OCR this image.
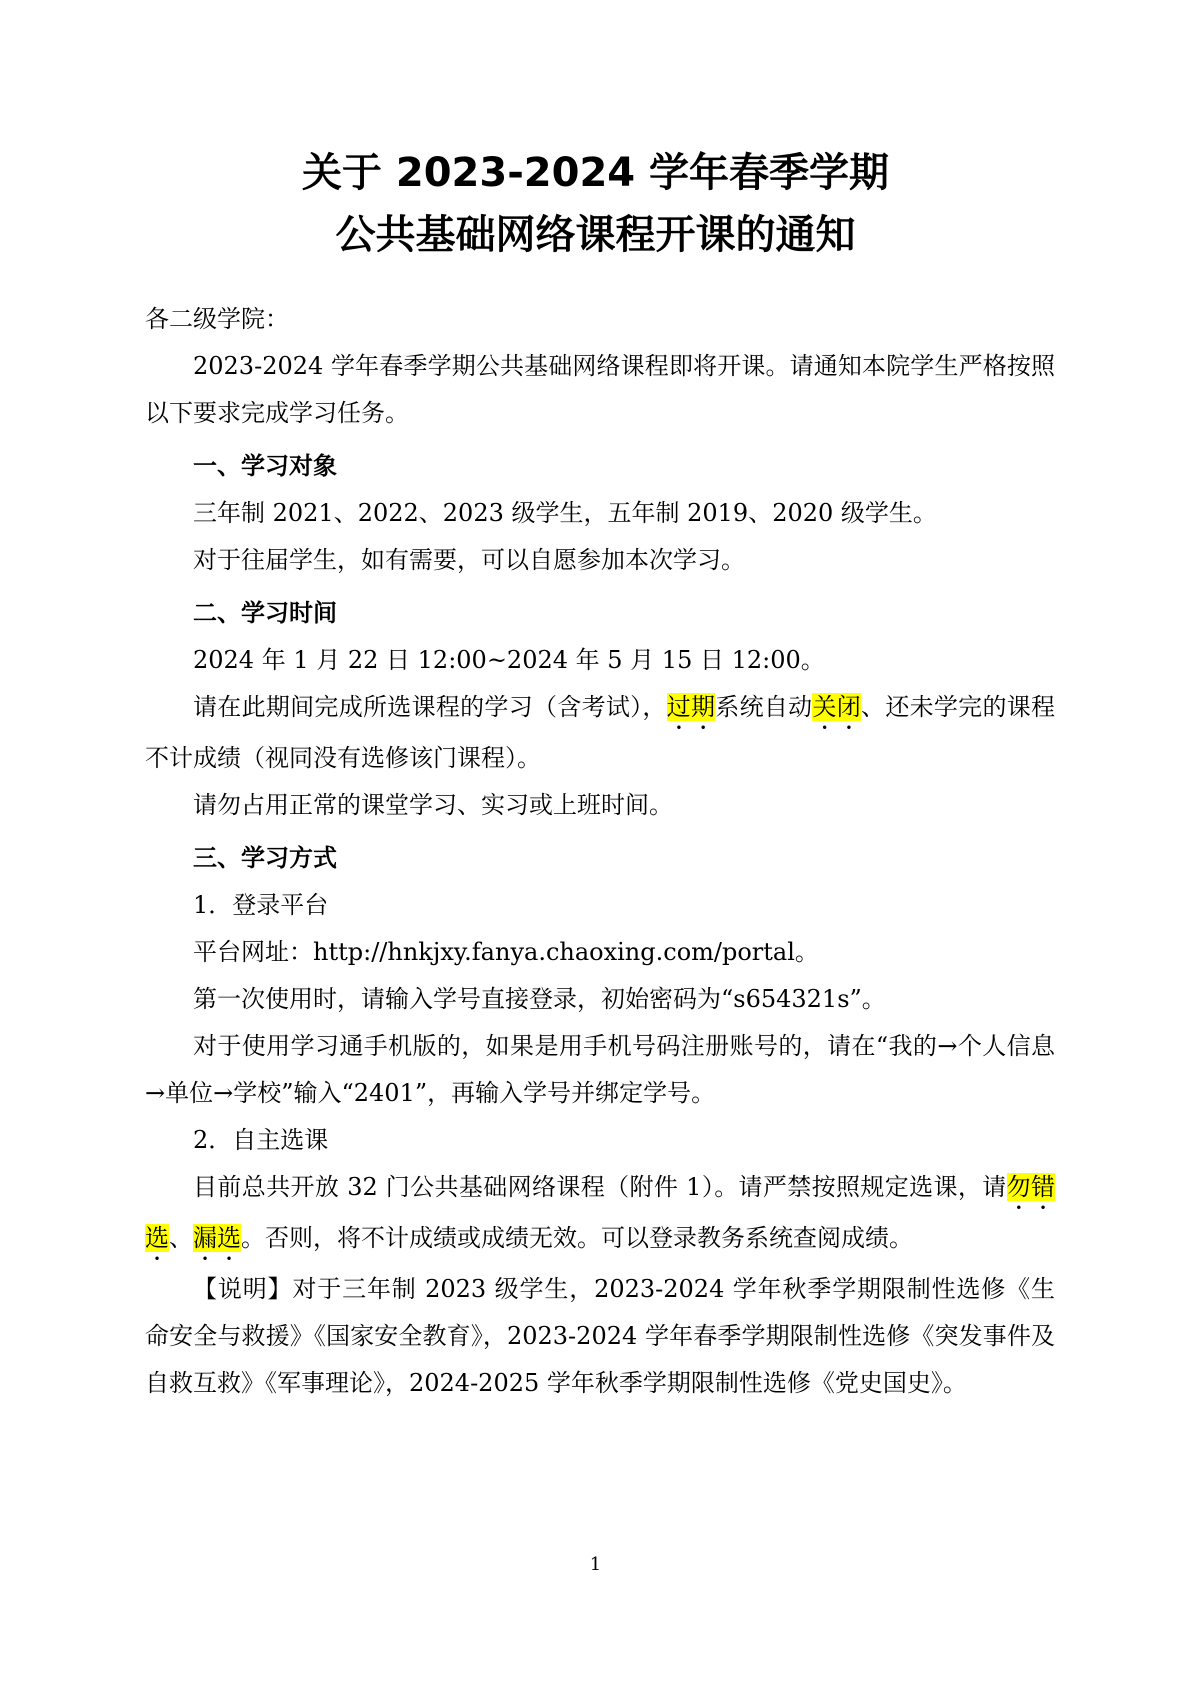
关于 2023-2024 学年春季学期
公共基础网络课程开课的通知

各二级学院：

2023-2024 学年春季学期公共基础网络课程即将开课。请通知本院学生严格按照以下要求完成学习任务。

一、学习对象

三年制 2021、2022、2023 级学生，五年制 2019、2020 级学生。

对于往届学生，如有需要，可以自愿参加本次学习。

二、学习时间

2024 年 1 月 22 日 12:00~2024 年 5 月 15 日 12:00。

请在此期间完成所选课程的学习（含考试），过期系统自动关闭、还未学完的课程不计成绩（视同没有选修该门课程）。

请勿占用正常的课堂学习、实习或上班时间。

三、学习方式

1．登录平台

平台网址：http://hnkjxy.fanya.chaoxing.com/portal。

第一次使用时，请输入学号直接登录，初始密码为“s654321s”。

对于使用学习通手机版的，如果是用手机号码注册账号的，请在“我的→个人信息→单位→学校”输入“2401”，再输入学号并绑定学号。

2．自主选课

目前总共开放 32 门公共基础网络课程（附件 1）。请严禁按照规定选课，请勿错选、漏选。否则，将不计成绩或成绩无效。可以登录教务系统查阅成绩。

【说明】对于三年制 2023 级学生，2023-2024 学年秋季学期限制性选修《生命安全与救援》《国家安全教育》，2023-2024 学年春季学期限制性选修《突发事件及自救互救》《军事理论》，2024-2025 学年秋季学期限制性选修《党史国史》。

1
